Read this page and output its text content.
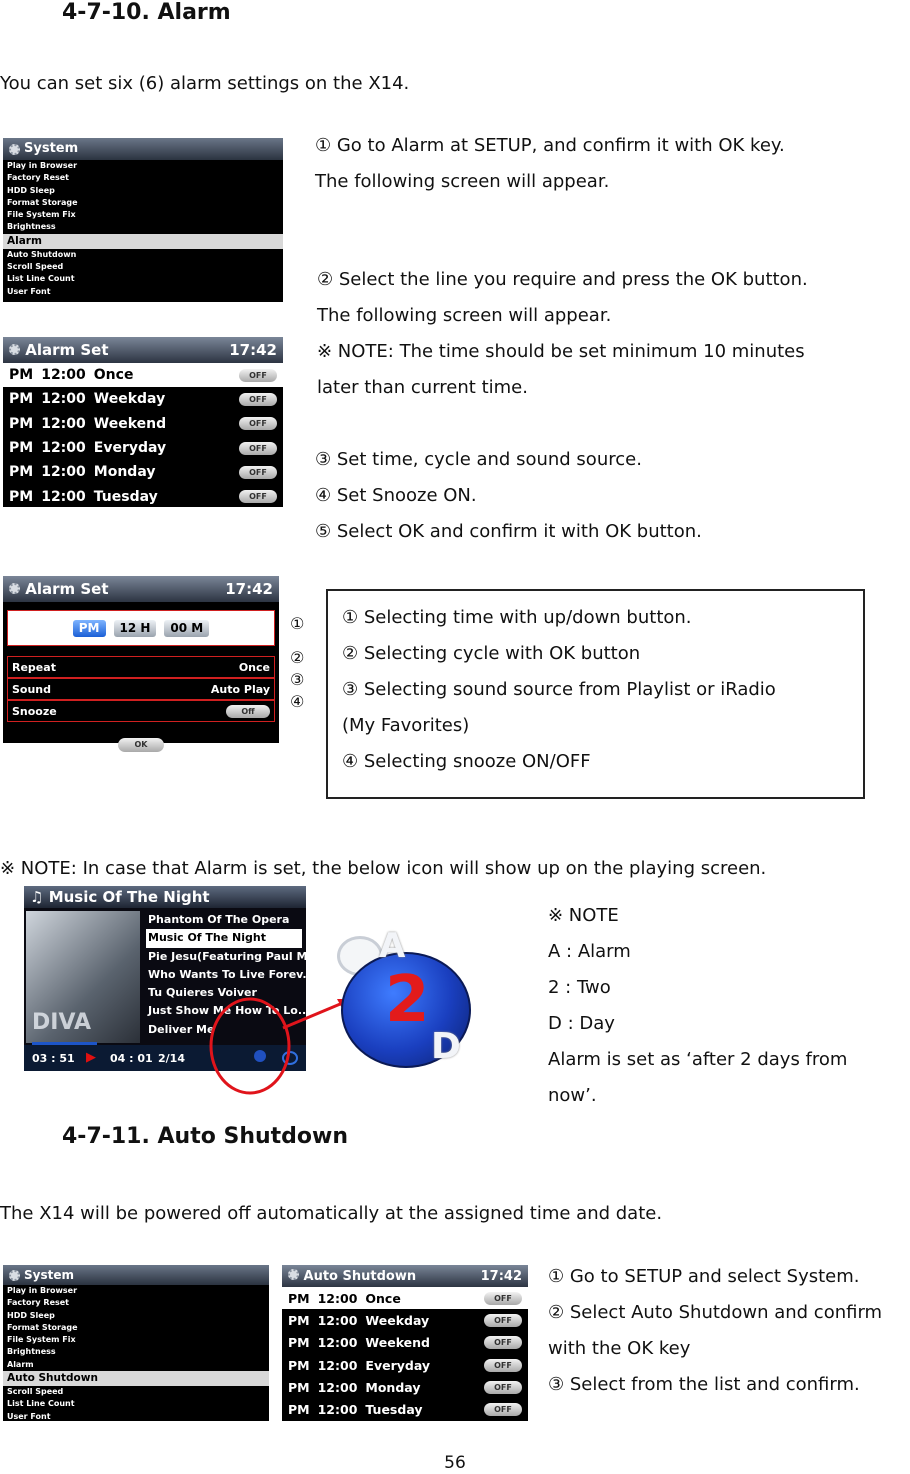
4-7-10. Alarm
You can set six (6) alarm settings on the X14.
System
Play in Browser
Factory Reset
HDD Sleep
Format Storage
File System Fix
Brightness
Alarm
Auto Shutdown
Scroll Speed
List Line Count
User Font
① Go to Alarm at SETUP, and confirm it with OK key.
The following screen will appear.
② Select the line you require and press the OK button.
The following screen will appear.
※ NOTE: The time should be set minimum 10 minutes
later than current time.
Alarm Set	17:42
PM 12:00 Once	OFF
PM 12:00 Weekday	OFF
PM 12:00 Weekend	OFF
PM 12:00 Everyday	OFF
PM 12:00 Monday	OFF
PM 12:00 Tuesday	OFF
③ Set time, cycle and sound source.
④ Set Snooze ON.
⑤ Select OK and confirm it with OK button.
Alarm Set	17:42
PM	12 H	00 M
Repeat	Once
Sound	Auto Play
Snooze	Off
OK
①
②
③
④
① Selecting time with up/down button.
② Selecting cycle with OK button
③ Selecting sound source from Playlist or iRadio
(My Favorites)
④ Selecting snooze ON/OFF
※ NOTE: In case that Alarm is set, the below icon will show up on the playing screen.
♫ Music Of The Night
DIVA
Phantom Of The Opera
Music Of The Night
Pie Jesu(Featuring Paul M..
Who Wants To Live Forev..
Tu Quieres Voiver
Just Show Me How To Lo..
Deliver Me
03 : 51 ▶ 04 : 01 2/14
2
A
D
※ NOTE
A : Alarm
2 : Two
D : Day
Alarm is set as ‘after 2 days from
now’.
4-7-11. Auto Shutdown
The X14 will be powered off automatically at the assigned time and date.
System
Play in Browser
Factory Reset
HDD Sleep
Format Storage
File System Fix
Brightness
Alarm
Auto Shutdown
Scroll Speed
List Line Count
User Font
Auto Shutdown	17:42
PM 12:00 Once	OFF
PM 12:00 Weekday	OFF
PM 12:00 Weekend	OFF
PM 12:00 Everyday	OFF
PM 12:00 Monday	OFF
PM 12:00 Tuesday	OFF
① Go to SETUP and select System.
② Select Auto Shutdown and confirm
with the OK key
③ Select from the list and confirm.
56
